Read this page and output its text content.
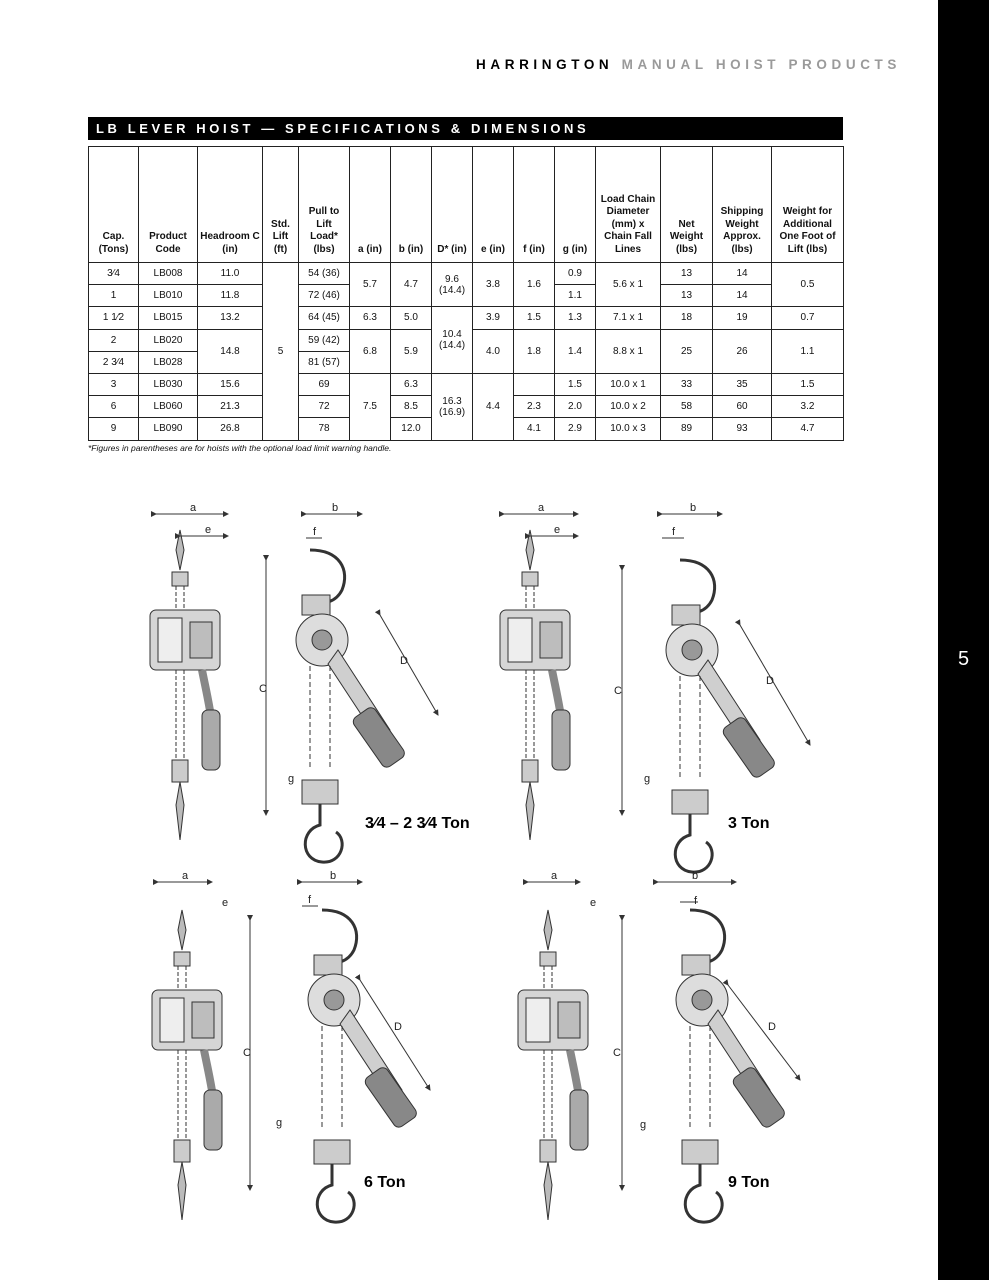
5
HARRINGTON MANUAL HOIST PRODUCTS
LB LEVER HOIST — SPECIFICATIONS & DIMENSIONS
Cap. (Tons)	Product Code	Headroom C (in)	Std. Lift (ft)	Pull to Lift Load* (lbs)	a (in)	b (in)	D* (in)	e (in)	f (in)	g (in)	Load Chain Diameter (mm) x Chain Fall Lines	Net Weight (lbs)	Shipping Weight Approx. (lbs)	Weight for Additional One Foot of Lift (lbs)
3⁄4	LB008	11.0	5	54 (36)	5.7	4.7	9.6
(14.4)	3.8	1.6	0.9	5.6 x 1	13	14	0.5
1	LB010	11.8		72 (46)						1.1		13	14	
1 1⁄2	LB015	13.2		64 (45)	6.3	5.0	10.4
(14.4)	3.9	1.5	1.3	7.1 x 1	18	19	0.7
2	LB020	14.8		59 (42)	6.8	5.9		4.0	1.8	1.4	8.8 x 1	25	26	1.1
2 3⁄4	LB028			81 (57)										
3	LB030	15.6		69	7.5	6.3	16.3
(16.9)	4.4		1.5	10.0 x 1	33	35	1.5
6	LB060	21.3		72		8.5			2.3	2.0	10.0 x 2	58	60	3.2
9	LB090	26.8		78		12.0			4.1	2.9	10.0 x 3	89	93	4.7
*Figures in parentheses are for hoists with the optional load limit warning handle.
a
e
b
f
C
D
g
3⁄4 – 2 3⁄4 Ton
a
e
b
f
C
D
g
3 Ton
a
e
b
f
C
D
g
6 Ton
a
e
b
f
C
D
g
9 Ton
